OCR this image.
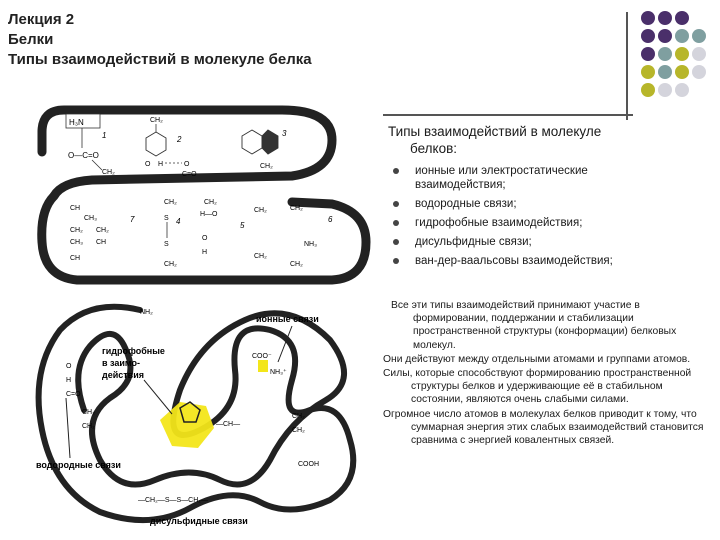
Лекция 2
Белки
Типы взаимодействий в молекуле белка
H₃N
O—C=O
CH₂
1
CH₂
O H	O
C=O
2
3
CH₂
CH
CH₃
CH₂ CH₂
CH₃ CH
CH
7
CH₂
S
S
CH₂
4
CH₂
H—O
O
H
5
CH₂
CH₂
CH₂
NH₃
CH₂
6
NH₂
COO⁻
NH₃⁺
COOH
O
H
C=O
CH₂
CH₂	—CH—
CH₂
CH₂
—CH₂—S—S—CH₂—
ионные связи
гидрофобные
в заимо-
действия
водородные связи
дисульфидные связи
Типы взаимодействий в молекуле
белков:
ионные или электростатические
взаимодействия;
водородные связи;
гидрофобные взаимодействия;
дисульфидные связи;
ван-дер-ваальсовы взаимодействия;

Все эти типы взаимодействий принимают участие в формировании, поддержании и стабилизации пространственной структуры (конформации) белковых молекул.

Они действуют между отдельными атомами и группами атомов.

Силы, которые способствуют формированию пространственной структуры белков и удерживающие её в стабильном состоянии, являются очень слабыми силами.

Огромное число атомов в молекулах белков приводит к тому, что суммарная энергия этих слабых взаимодействий становится сравнима с энергией ковалентных связей.
